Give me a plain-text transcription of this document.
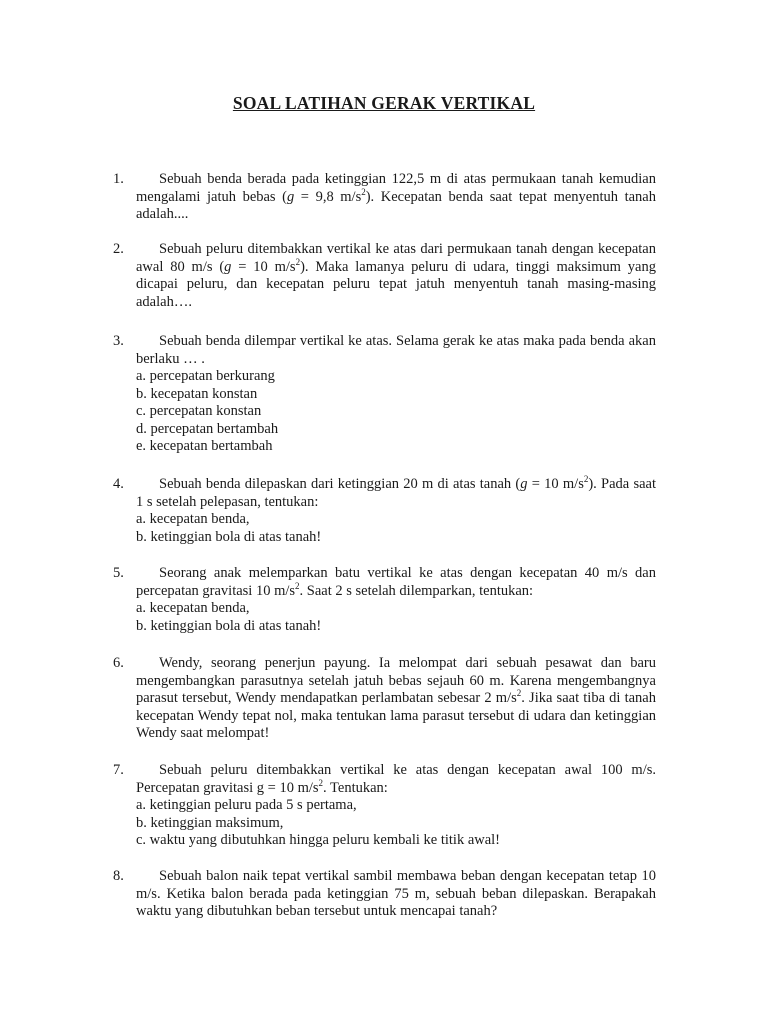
SOAL LATIHAN GERAK VERTIKAL
1.	Sebuah benda berada pada ketinggian 122,5 m di atas permukaan tanah kemudian mengalami jatuh bebas (g = 9,8 $m/s^2$). Kecepatan benda saat tepat menyentuh tanah adalah....
2.	Sebuah peluru ditembakkan vertikal ke atas dari permukaan tanah dengan kecepatan awal 80 m/s (g = 10 $m/s^2$). Maka lamanya peluru di udara, tinggi maksimum yang dicapai peluru, dan kecepatan peluru tepat jatuh menyentuh tanah masing-masing adalah….
3.	Sebuah benda dilempar vertikal ke atas. Selama gerak ke atas maka pada benda akan berlaku … .
a. percepatan berkurang
b. kecepatan konstan
c. percepatan konstan
d. percepatan bertambah
e. kecepatan bertambah
4.	Sebuah benda dilepaskan dari ketinggian 20 m di atas tanah (g = 10 $m/s^2$). Pada saat 1 s setelah pelepasan, tentukan:
a. kecepatan benda,
b. ketinggian bola di atas tanah!
5.	Seorang anak melemparkan batu vertikal ke atas dengan kecepatan 40 m/s dan percepatan gravitasi 10 $m/s^2$. Saat 2 s setelah dilemparkan, tentukan:
a. kecepatan benda,
b. ketinggian bola di atas tanah!
6.	Wendy, seorang penerjun payung. Ia melompat dari sebuah pesawat dan baru mengembangkan parasutnya setelah jatuh bebas sejauh 60 m. Karena mengembangnya parasut tersebut, Wendy mendapatkan perlambatan sebesar 2 $m/s^2$. Jika saat tiba di tanah kecepatan Wendy tepat nol, maka tentukan lama parasut tersebut di udara dan ketinggian Wendy saat melompat!
7.	Sebuah peluru ditembakkan vertikal ke atas dengan kecepatan awal 100 m/s. Percepatan gravitasi g = 10 $m/s^2$. Tentukan:
a. ketinggian peluru pada 5 s pertama,
b. ketinggian maksimum,
c. waktu yang dibutuhkan hingga peluru kembali ke titik awal!
8.	Sebuah balon naik tepat vertikal sambil membawa beban dengan kecepatan tetap 10 m/s. Ketika balon berada pada ketinggian 75 m, sebuah beban dilepaskan. Berapakah waktu yang dibutuhkan beban tersebut untuk mencapai tanah?
